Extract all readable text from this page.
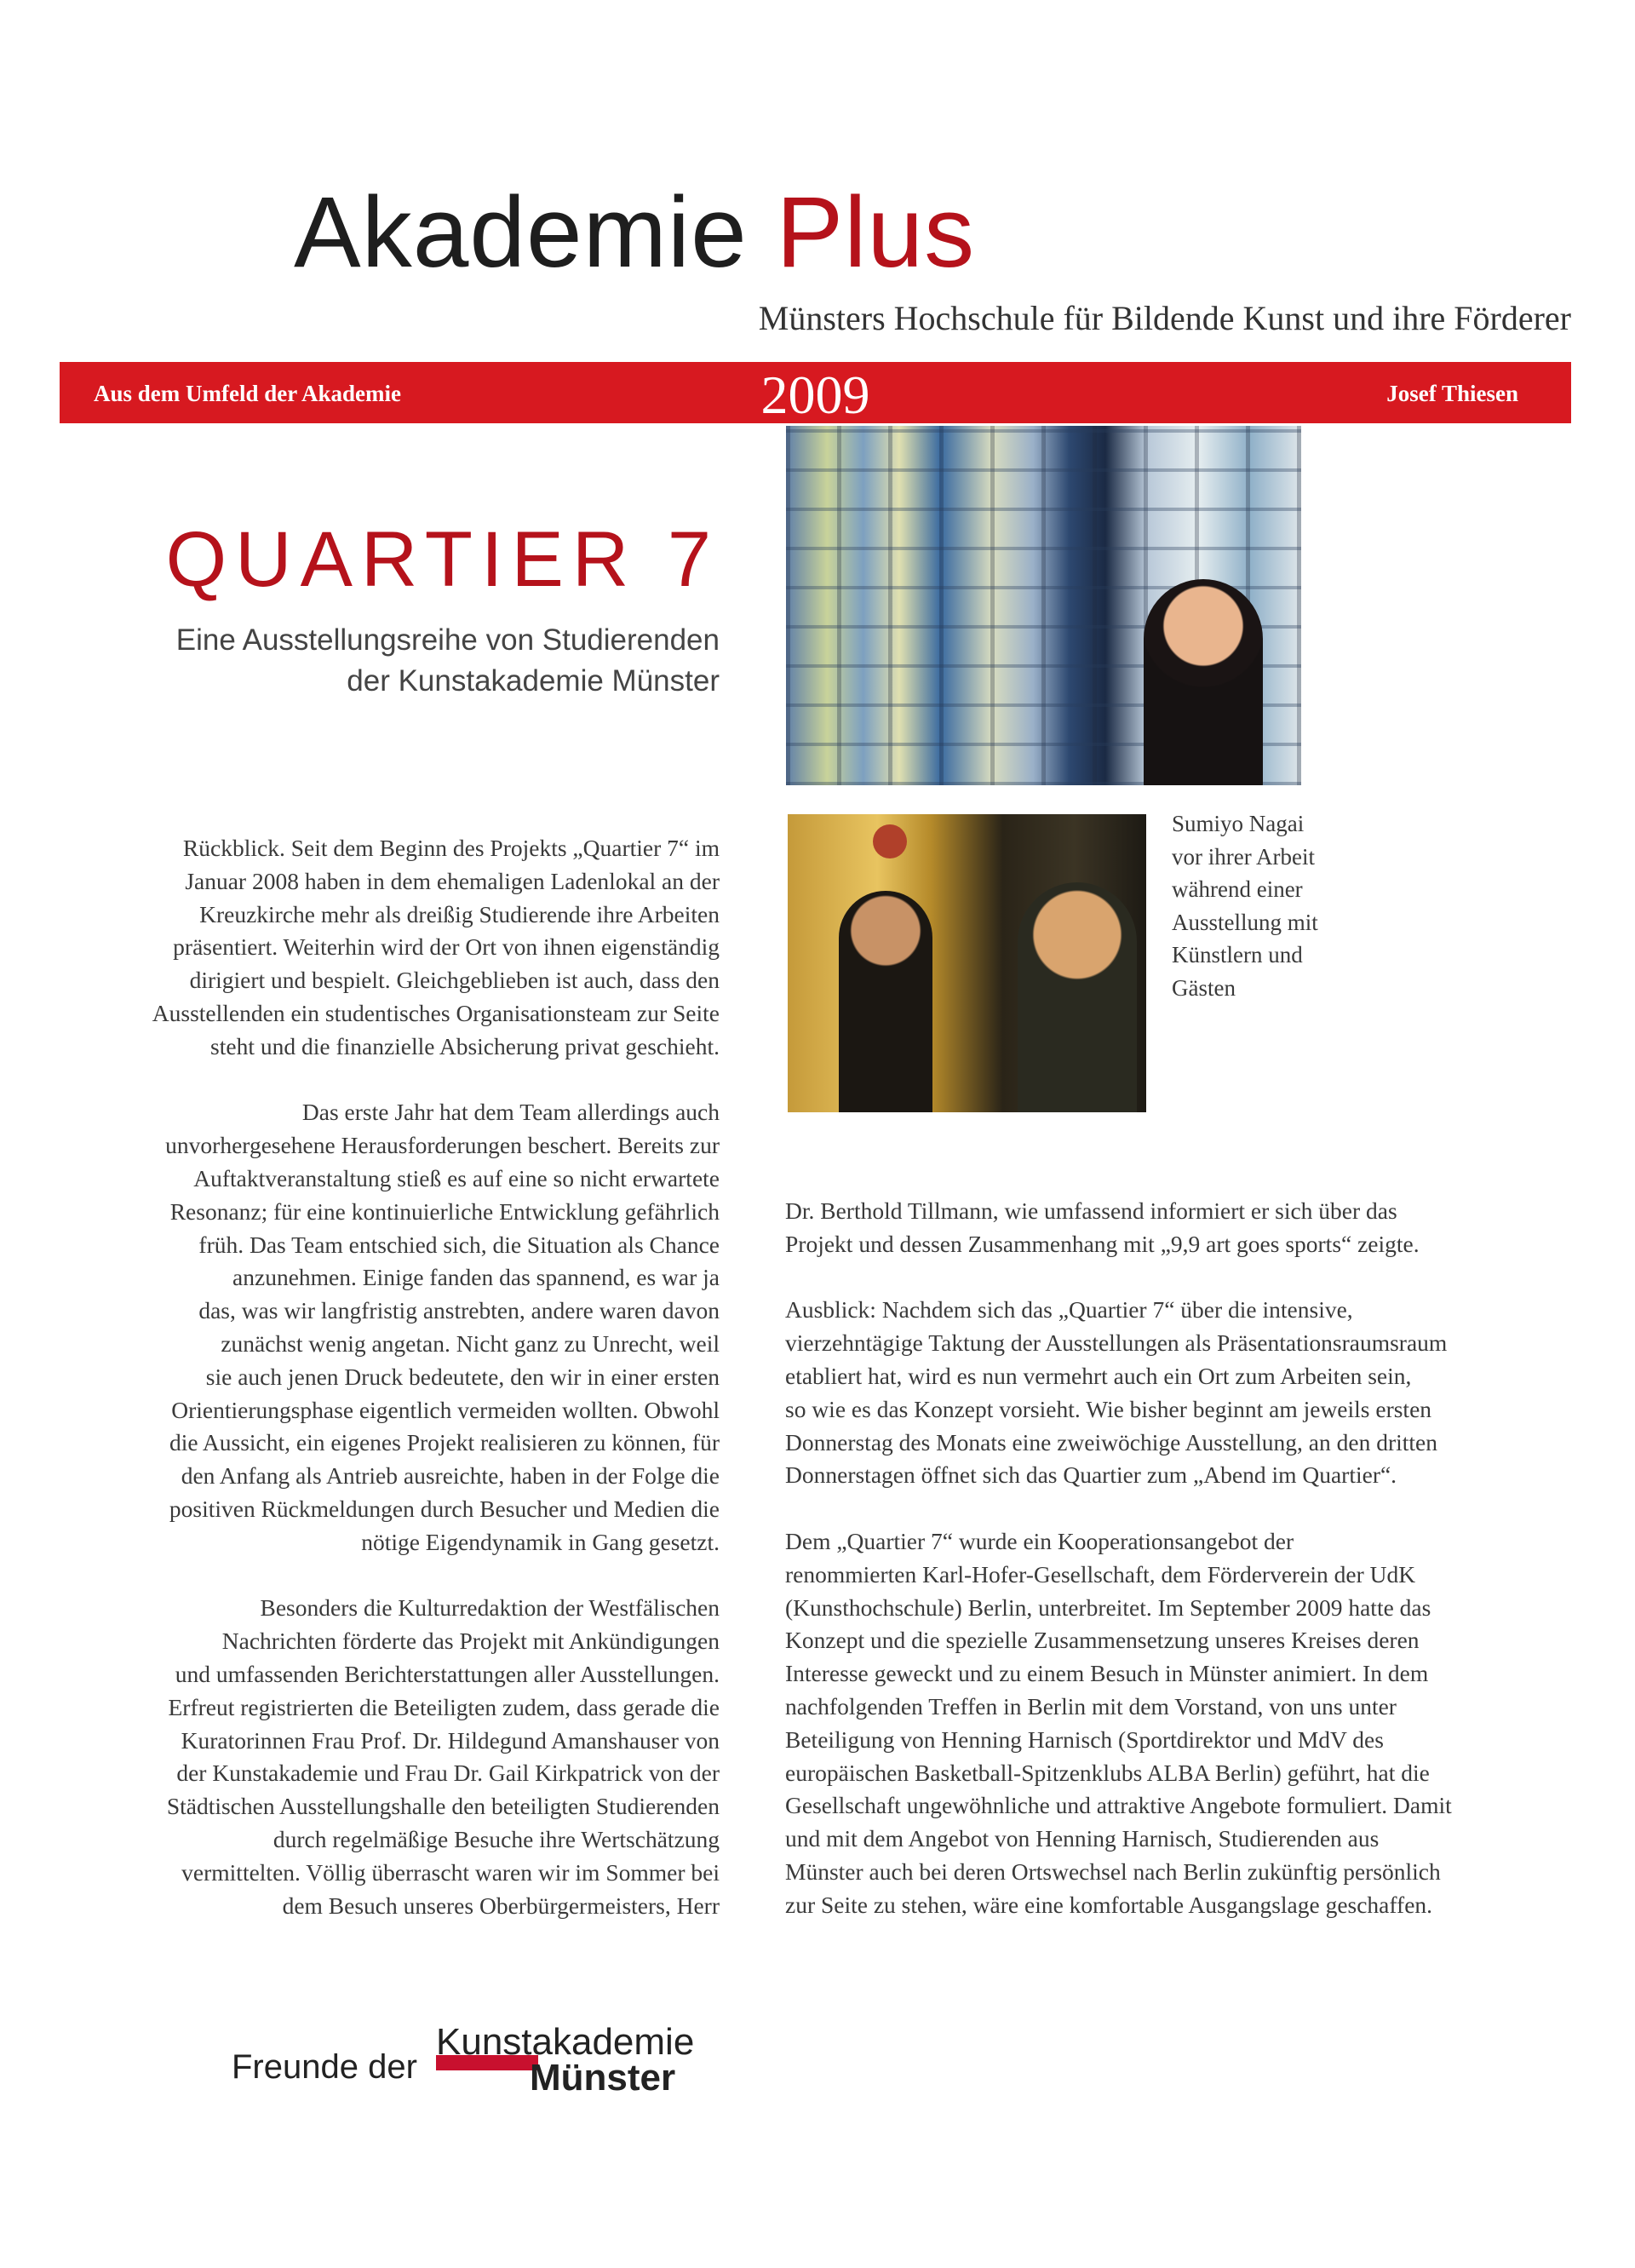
Akademie Plus
Münsters Hochschule für Bildende Kunst und ihre Förderer
Aus dem Umfeld der Akademie	2009	Josef Thiesen
QUARTIER 7
Eine Ausstellungsreihe von Studierenden
der Kunstakademie Münster
Sumiyo Nagai
vor ihrer Arbeit
während einer
Ausstellung mit
Künstlern und
Gästen

Rückblick. Seit dem Beginn des Projekts „Quartier 7“ im
Januar 2008 haben in dem ehemaligen Ladenlokal an der
Kreuzkirche mehr als dreißig Studierende ihre Arbeiten
präsentiert. Weiterhin wird der Ort von ihnen eigenständig
dirigiert und bespielt. Gleichgeblieben ist auch, dass den
Ausstellenden ein studentisches Organisationsteam zur Seite
steht und die finanzielle Absicherung privat geschieht.

Das erste Jahr hat dem Team allerdings auch
unvorhergesehene Herausforderungen beschert. Bereits zur
Auftaktveranstaltung stieß es auf eine so nicht erwartete
Resonanz; für eine kontinuierliche Entwicklung gefährlich
früh. Das Team entschied sich, die Situation als Chance
anzunehmen. Einige fanden das spannend, es war ja
das, was wir langfristig anstrebten, andere waren davon
zunächst wenig angetan. Nicht ganz zu Unrecht, weil
sie auch jenen Druck bedeutete, den wir in einer ersten
Orientierungsphase eigentlich vermeiden wollten. Obwohl
die Aussicht, ein eigenes Projekt realisieren zu können, für
den Anfang als Antrieb ausreichte, haben in der Folge die
positiven Rückmeldungen durch Besucher und Medien die
nötige Eigendynamik in Gang gesetzt.

Besonders die Kulturredaktion der Westfälischen
Nachrichten förderte das Projekt mit Ankündigungen
und umfassenden Berichterstattungen aller Ausstellungen.
Erfreut registrierten die Beteiligten zudem, dass gerade die
Kuratorinnen Frau Prof. Dr. Hildegund Amanshauser von
der Kunstakademie und Frau Dr. Gail Kirkpatrick von der
Städtischen Ausstellungshalle den beteiligten Studierenden
durch regelmäßige Besuche ihre Wertschätzung
vermittelten. Völlig überrascht waren wir im Sommer bei
dem Besuch unseres Oberbürgermeisters, Herr

Dr. Berthold Tillmann, wie umfassend informiert er sich über das
Projekt und dessen Zusammenhang mit „9,9 art goes sports“ zeigte.

Ausblick: Nachdem sich das „Quartier 7“ über die intensive,
vierzehntägige Taktung der Ausstellungen als Präsentationsraumsraum
etabliert hat, wird es nun vermehrt auch ein Ort zum Arbeiten sein,
so wie es das Konzept vorsieht. Wie bisher beginnt am jeweils ersten
Donnerstag des Monats eine zweiwöchige Ausstellung, an den dritten
Donnerstagen öffnet sich das Quartier zum „Abend im Quartier“.

Dem „Quartier 7“ wurde ein Kooperationsangebot der
renommierten Karl-Hofer-Gesellschaft, dem Förderverein der UdK
(Kunsthochschule) Berlin, unterbreitet. Im September 2009 hatte das
Konzept und die spezielle Zusammensetzung unseres Kreises deren
Interesse geweckt und zu einem Besuch in Münster animiert. In dem
nachfolgenden Treffen in Berlin mit dem Vorstand, von uns unter
Beteiligung von Henning Harnisch (Sportdirektor und MdV des
europäischen Basketball-Spitzenklubs ALBA Berlin) geführt, hat die
Gesellschaft ungewöhnliche und attraktive Angebote formuliert. Damit
und mit dem Angebot von Henning Harnisch, Studierenden aus
Münster auch bei deren Ortswechsel nach Berlin zukünftig persönlich
zur Seite zu stehen, wäre eine komfortable Ausgangslage geschaffen.

Freunde der
Kunstakademie
Münster
